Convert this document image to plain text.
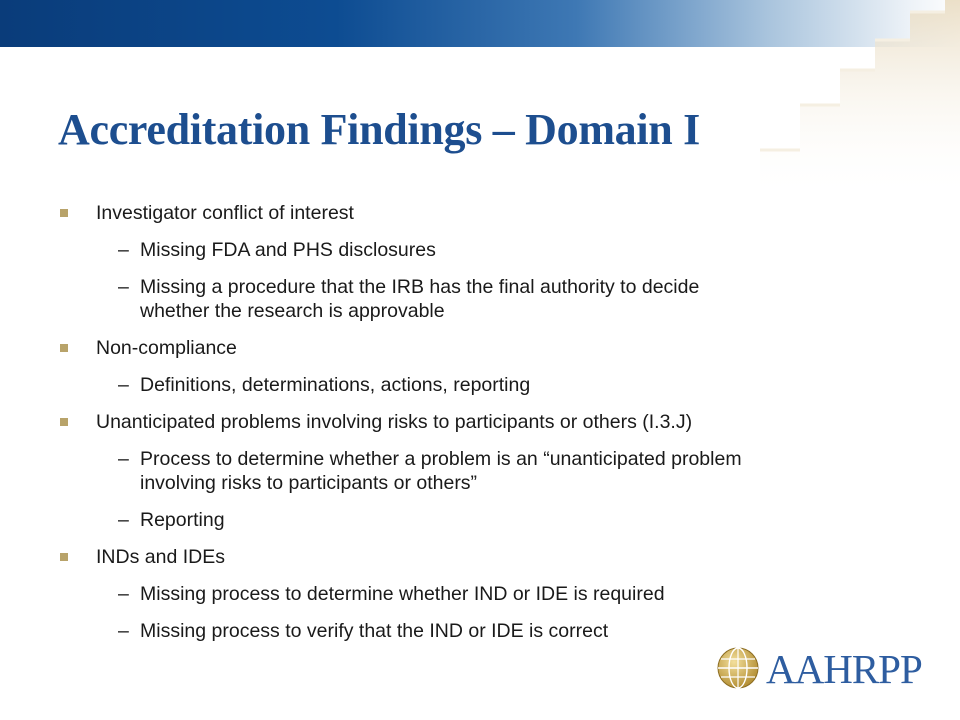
Accreditation Findings – Domain I
Investigator conflict of interest
– Missing FDA and PHS disclosures
– Missing a procedure that the IRB has the final authority to decide
whether the research is approvable
Non-compliance
– Definitions, determinations, actions, reporting
Unanticipated problems involving risks to participants or others (I.3.J)
– Process to determine whether a problem is an “unanticipated problem
involving risks to participants or others”
– Reporting
INDs and IDEs
– Missing process to determine whether IND or IDE is required
– Missing process to verify that the IND or IDE is correct
AAHRPP
